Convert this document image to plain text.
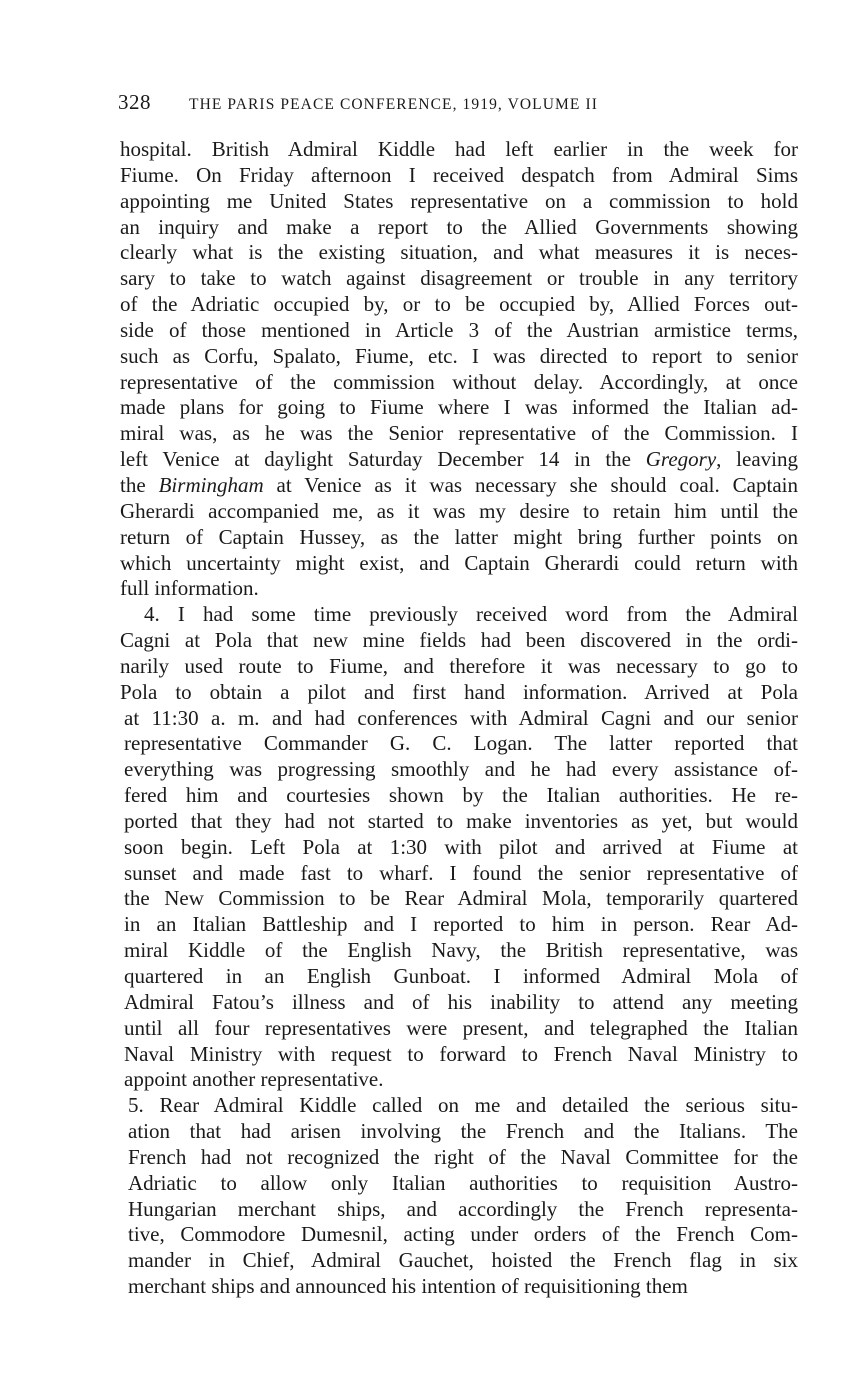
328 THE PARIS PEACE CONFERENCE, 1919, VOLUME II
hospital. British Admiral Kiddle had left earlier in the week for
Fiume. On Friday afternoon I received despatch from Admiral Sims
appointing me United States representative on a commission to hold
an inquiry and make a report to the Allied Governments showing
clearly what is the existing situation, and what measures it is neces-
sary to take to watch against disagreement or trouble in any territory
of the Adriatic occupied by, or to be occupied by, Allied Forces out-
side of those mentioned in Article 3 of the Austrian armistice terms,
such as Corfu, Spalato, Fiume, etc. I was directed to report to senior
representative of the commission without delay. Accordingly, at once
made plans for going to Fiume where I was informed the Italian ad-
miral was, as he was the Senior representative of the Commission. I
left Venice at daylight Saturday December 14 in the Gregory, leaving
the Birmingham at Venice as it was necessary she should coal. Captain
Gherardi accompanied me, as it was my desire to retain him until the
return of Captain Hussey, as the latter might bring further points on
which uncertainty might exist, and Captain Gherardi could return with
full information.
4. I had some time previously received word from the Admiral
Cagni at Pola that new mine fields had been discovered in the ordi-
narily used route to Fiume, and therefore it was necessary to go to
Pola to obtain a pilot and first hand information. Arrived at Pola
at 11:30 a. m. and had conferences with Admiral Cagni and our senior
representative Commander G. C. Logan. The latter reported that
everything was progressing smoothly and he had every assistance of-
fered him and courtesies shown by the Italian authorities. He re-
ported that they had not started to make inventories as yet, but would
soon begin. Left Pola at 1:30 with pilot and arrived at Fiume at
sunset and made fast to wharf. I found the senior representative of
the New Commission to be Rear Admiral Mola, temporarily quartered
in an Italian Battleship and I reported to him in person. Rear Ad-
miral Kiddle of the English Navy, the British representative, was
quartered in an English Gunboat. I informed Admiral Mola of
Admiral Fatou’s illness and of his inability to attend any meeting
until all four representatives were present, and telegraphed the Italian
Naval Ministry with request to forward to French Naval Ministry to
appoint another representative.
5. Rear Admiral Kiddle called on me and detailed the serious situ-
ation that had arisen involving the French and the Italians. The
French had not recognized the right of the Naval Committee for the
Adriatic to allow only Italian authorities to requisition Austro-
Hungarian merchant ships, and accordingly the French representa-
tive, Commodore Dumesnil, acting under orders of the French Com-
mander in Chief, Admiral Gauchet, hoisted the French flag in six
merchant ships and announced his intention of requisitioning them
